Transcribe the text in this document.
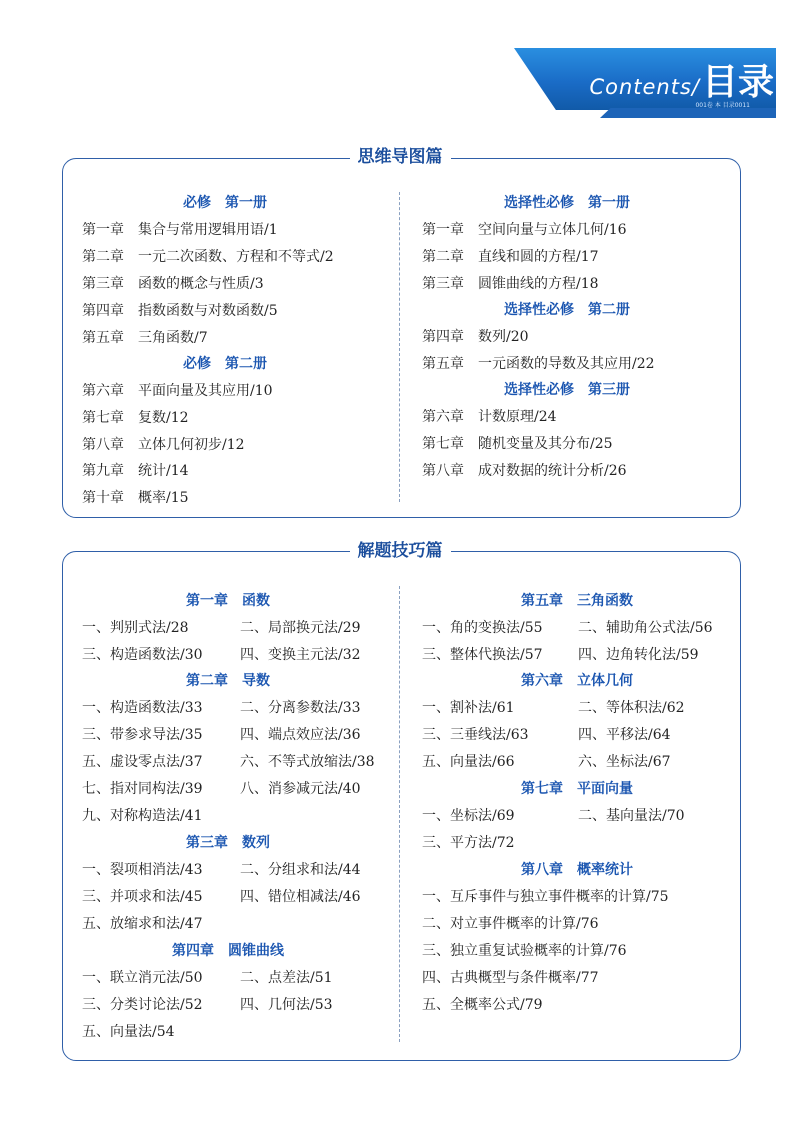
Contents/ 目录
001卷 本 目录0011
思维导图篇
必修　第一册
第一章 集合与常用逻辑用语/1
第二章 一元二次函数、方程和不等式/2
第三章 函数的概念与性质/3
第四章 指数函数与对数函数/5
第五章 三角函数/7
必修　第二册
第六章 平面向量及其应用/10
第七章 复数/12
第八章 立体几何初步/12
第九章 统计/14
第十章 概率/15
选择性必修　第一册
第一章 空间向量与立体几何/16
第二章 直线和圆的方程/17
第三章 圆锥曲线的方程/18
选择性必修　第二册
第四章 数列/20
第五章 一元函数的导数及其应用/22
选择性必修　第三册
第六章 计数原理/24
第七章 随机变量及其分布/25
第八章 成对数据的统计分析/26
解题技巧篇
第一章　函数
一、判别式法/28	二、局部换元法/29
三、构造函数法/30	四、变换主元法/32
第二章　导数
一、构造函数法/33	二、分离参数法/33
三、带参求导法/35	四、端点效应法/36
五、虚设零点法/37	六、不等式放缩法/38
七、指对同构法/39	八、消参减元法/40
九、对称构造法/41
第三章　数列
一、裂项相消法/43	二、分组求和法/44
三、并项求和法/45	四、错位相减法/46
五、放缩求和法/47
第四章　圆锥曲线
一、联立消元法/50	二、点差法/51
三、分类讨论法/52	四、几何法/53
五、向量法/54
第五章　三角函数
一、角的变换法/55	二、辅助角公式法/56
三、整体代换法/57	四、边角转化法/59
第六章　立体几何
一、割补法/61	二、等体积法/62
三、三垂线法/63	四、平移法/64
五、向量法/66	六、坐标法/67
第七章　平面向量
一、坐标法/69	二、基向量法/70
三、平方法/72
第八章　概率统计
一、互斥事件与独立事件概率的计算/75
二、对立事件概率的计算/76
三、独立重复试验概率的计算/76
四、古典概型与条件概率/77
五、全概率公式/79
